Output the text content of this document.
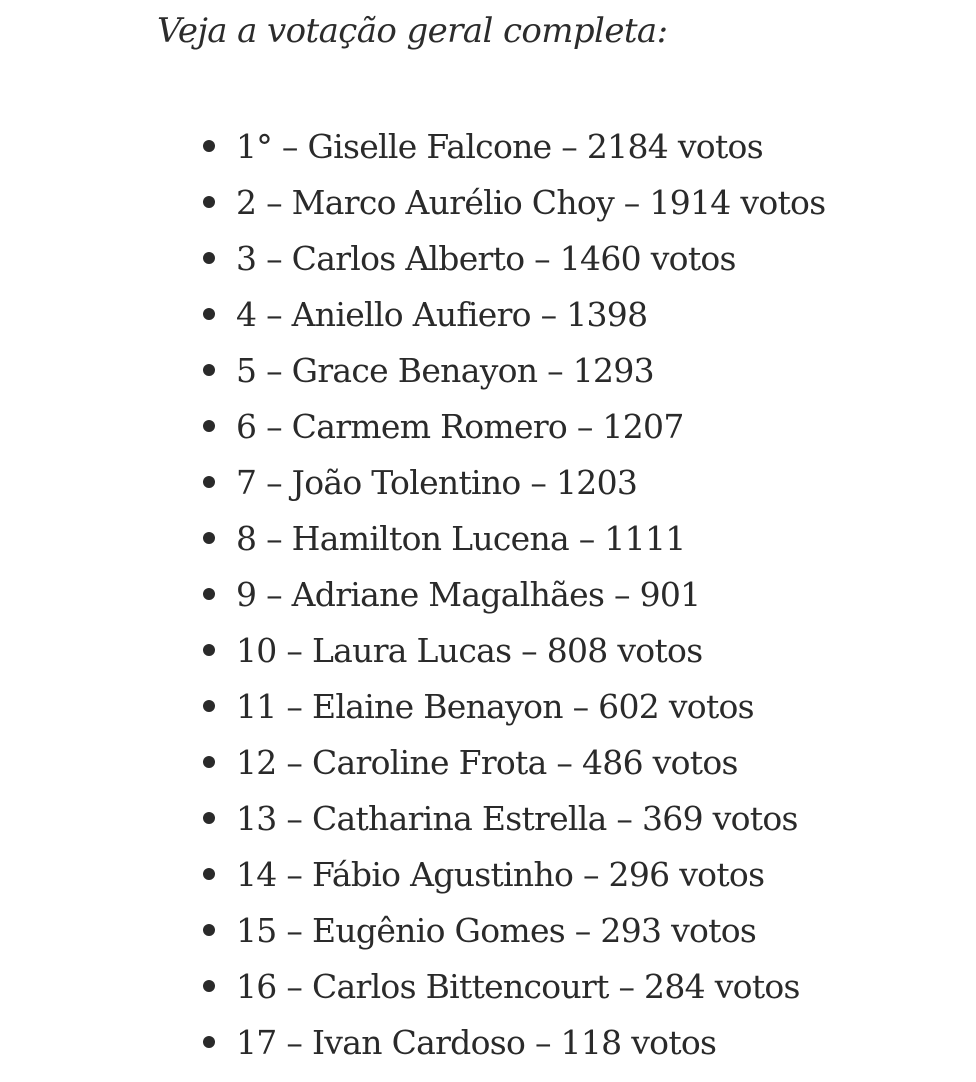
Veja a votação geral completa:

1° – Giselle Falcone – 2184 votos
2 – Marco Aurélio Choy – 1914 votos
3 – Carlos Alberto – 1460 votos
4 – Aniello Aufiero – 1398
5 – Grace Benayon – 1293
6 – Carmem Romero – 1207
7 – João Tolentino – 1203
8 – Hamilton Lucena – 1111
9 – Adriane Magalhães – 901
10 – Laura Lucas – 808 votos
11 – Elaine Benayon – 602 votos
12 – Caroline Frota – 486 votos
13 – Catharina Estrella – 369 votos
14 – Fábio Agustinho – 296 votos
15 – Eugênio Gomes – 293 votos
16 – Carlos Bittencourt – 284 votos
17 – Ivan Cardoso – 118 votos
